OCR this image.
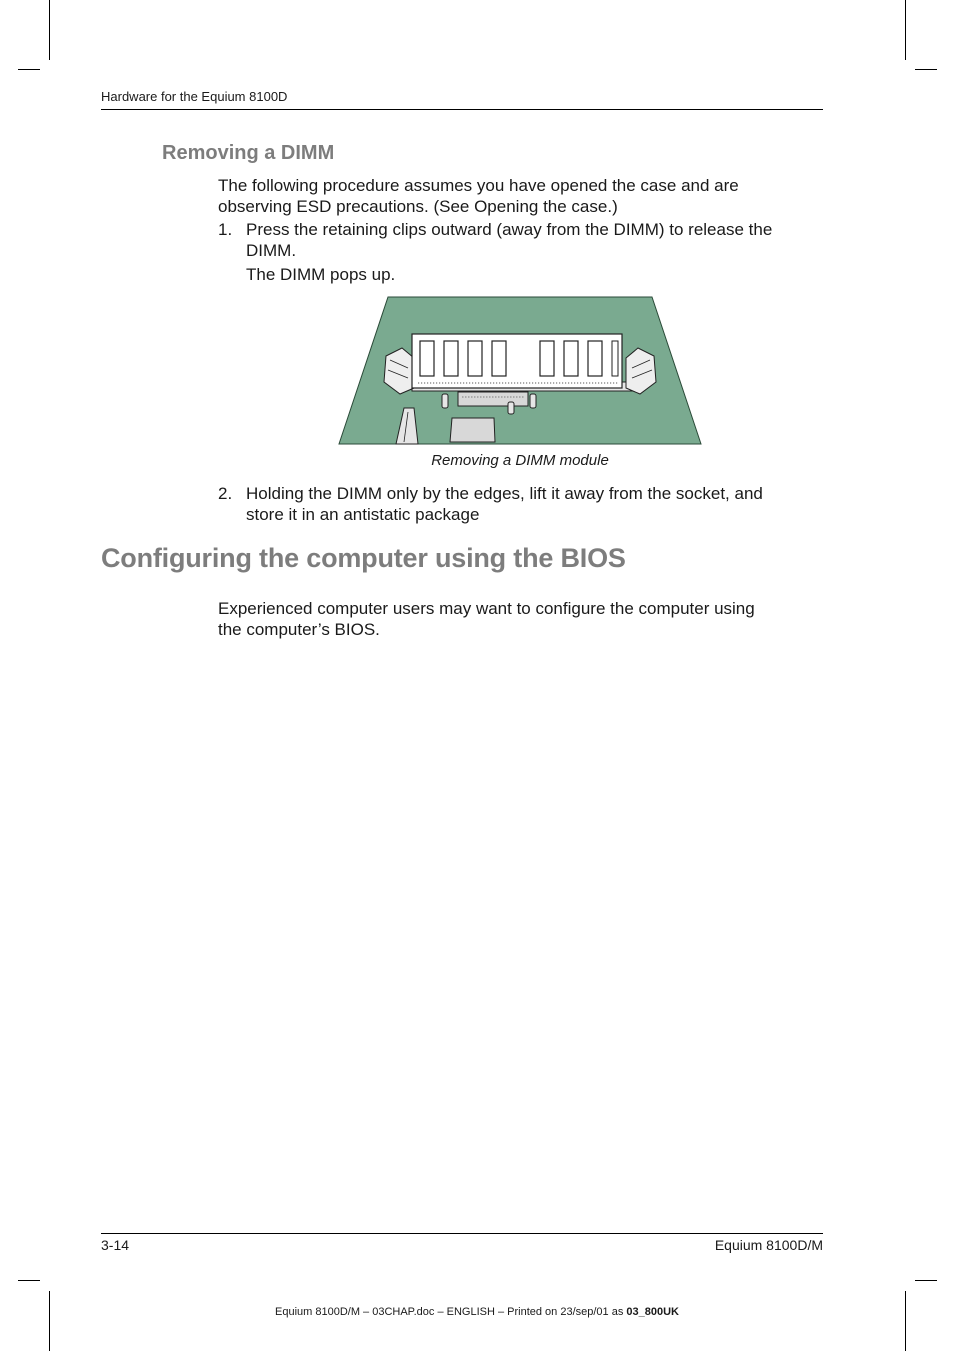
Hardware for the Equium 8100D
Removing a DIMM

The following procedure assumes you have opened the case and are
observing ESD precautions. (See Opening the case.)

1. Press the retaining clips outward (away from the DIMM) to release the
DIMM.
The DIMM pops up.
Removing a DIMM module
2. Holding the DIMM only by the edges, lift it away from the socket, and
store it in an antistatic package
Configuring the computer using the BIOS

Experienced computer users may want to configure the computer using
the computer’s BIOS.

3-14	Equium 8100D/M
Equium 8100D/M – 03CHAP.doc – ENGLISH – Printed on 23/sep/01 as 03_800UK
